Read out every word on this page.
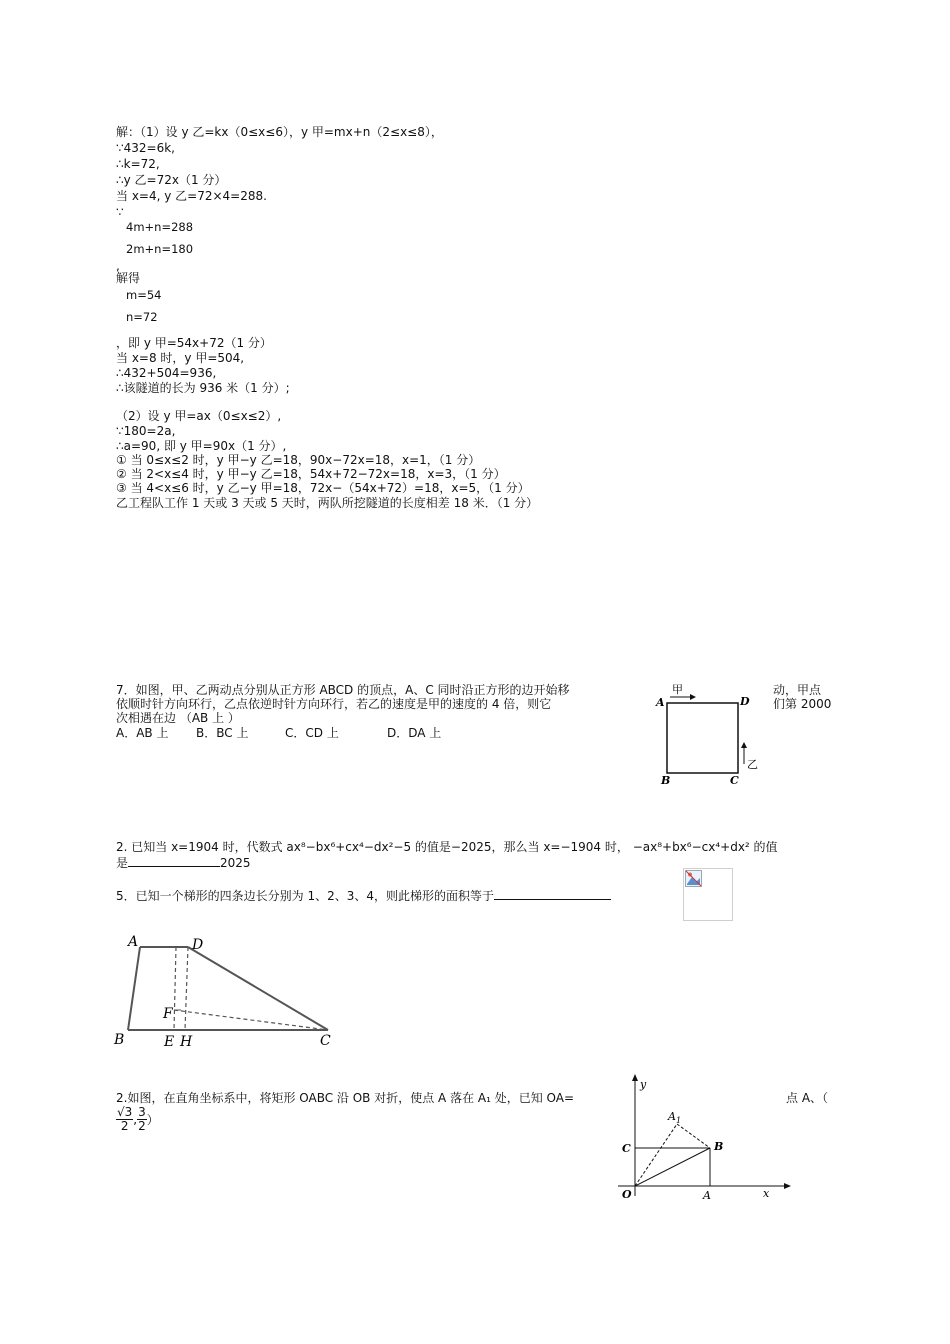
解：（1）设 y 乙=kx（0≤x≤6），y 甲=mx+n（2≤x≤8），
∵432=6k,
∴k=72,
∴y 乙=72x（1 分）
当 x=4, y 乙=72×4=288.
∵
4m+n=288
2m+n=180
,
解得
m=54
n=72
，即 y 甲=54x+72（1 分）
当 x=8 时，y 甲=504,
∴432+504=936,
∴该隧道的长为 936 米（1 分）;
（2）设 y 甲=ax（0≤x≤2）,
∵180=2a,
∴a=90, 即 y 甲=90x（1 分）,
① 当 0≤x≤2 时，y 甲−y 乙=18，90x−72x=18，x=1，（1 分）
② 当 2<x≤4 时，y 甲−y 乙=18，54x+72−72x=18，x=3，（1 分）
③ 当 4<x≤6 时，y 乙−y 甲=18，72x−（54x+72）=18，x=5，（1 分）
乙工程队工作 1 天或 3 天或 5 天时，两队所挖隧道的长度相差 18 米．（1 分）
7．如图，甲、乙两动点分别从正方形 ABCD 的顶点，A、C 同时沿正方形的边开始移	动，甲点
依顺时针方向环行，乙点依逆时针方向环行，若乙的速度是甲的速度的 4 倍，则它	们第 2000
次相遇在边 （AB 上 ）
A．AB 上 B．BC 上	C．CD 上	D．DA 上
甲
A	D
B	C
乙
2. 已知当 x=1904 时，代数式 ax⁸−bx⁶+cx⁴−dx²−5 的值是−2025，那么当 x=−1904 时， −ax⁸+bx⁶−cx⁴+dx² 的值
是	2025
5．已知一个梯形的四条边长分别为 1、2、3、4，则此梯形的面积等于
A	D
F
B	E H	C
2.如图，在直角坐标系中，将矩形 OABC 沿 OB 对折，使点 A 落在 A₁ 处，已知 OA=	点 A、（
$\frac{√3}{2}$ , $\frac{3}{2}$ ）
y
x
$A_1$
B
C
O	A
